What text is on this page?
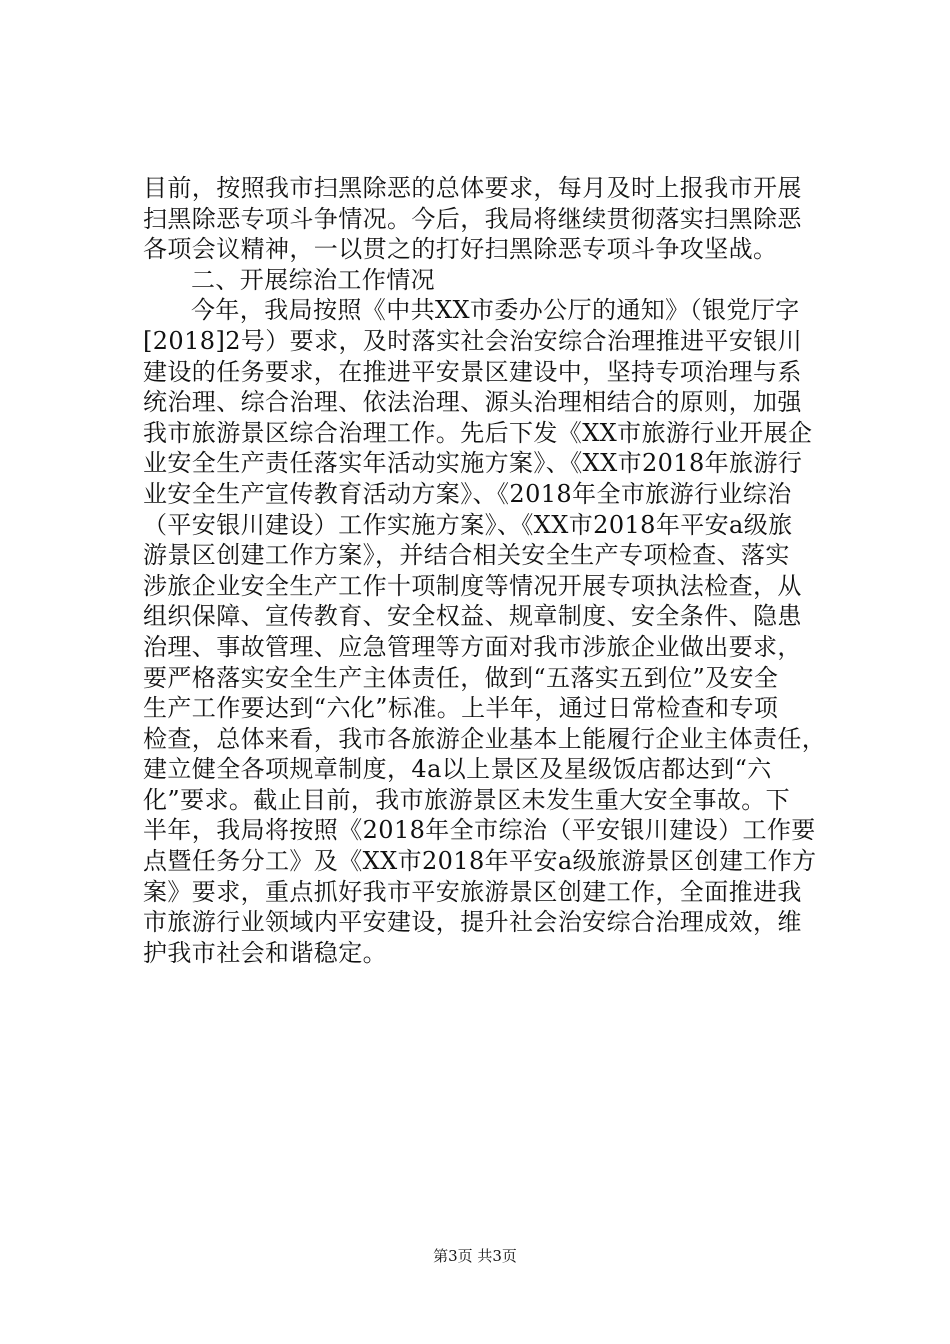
目前，按照我市扫黑除恶的总体要求，每月及时上报我市开展
扫黑除恶专项斗争情况。今后，我局将继续贯彻落实扫黑除恶
各项会议精神，一以贯之的打好扫黑除恶专项斗争攻坚战。
二、开展综治工作情况
今年，我局按照《中共XX市委办公厅的通知》（银党厅字
[2018]2号）要求，及时落实社会治安综合治理推进平安银川
建设的任务要求，在推进平安景区建设中，坚持专项治理与系
统治理、综合治理、依法治理、源头治理相结合的原则，加强
我市旅游景区综合治理工作。先后下发《XX市旅游行业开展企
业安全生产责任落实年活动实施方案》、《XX市2018年旅游行
业安全生产宣传教育活动方案》、《2018年全市旅游行业综治
（平安银川建设）工作实施方案》、《XX市2018年平安a级旅
游景区创建工作方案》，并结合相关安全生产专项检查、落实
涉旅企业安全生产工作十项制度等情况开展专项执法检查，从
组织保障、宣传教育、安全权益、规章制度、安全条件、隐患
治理、事故管理、应急管理等方面对我市涉旅企业做出要求，
要严格落实安全生产主体责任，做到“五落实五到位”及安全
生产工作要达到“六化”标准。上半年，通过日常检查和专项
检查，总体来看，我市各旅游企业基本上能履行企业主体责任，
建立健全各项规章制度，4a以上景区及星级饭店都达到“六
化”要求。截止目前，我市旅游景区未发生重大安全事故。下
半年，我局将按照《2018年全市综治（平安银川建设）工作要
点暨任务分工》及《XX市2018年平安a级旅游景区创建工作方
案》要求，重点抓好我市平安旅游景区创建工作，全面推进我
市旅游行业领域内平安建设，提升社会治安综合治理成效，维
护我市社会和谐稳定。
第3页 共3页
